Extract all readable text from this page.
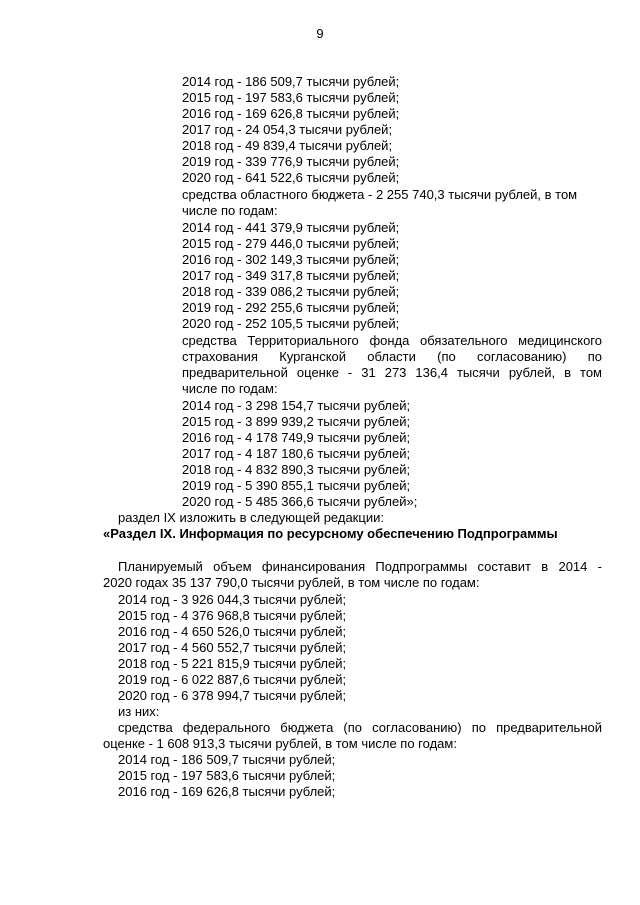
9
2014 год - 186 509,7 тысячи рублей;
2015 год - 197 583,6 тысячи рублей;
2016 год - 169 626,8 тысячи рублей;
2017 год - 24 054,3 тысячи рублей;
2018 год - 49 839,4 тысячи рублей;
2019 год - 339 776,9 тысячи рублей;
2020 год - 641 522,6 тысячи рублей;
средства областного бюджета - 2 255 740,3 тысячи рублей, в том
числе по годам:
2014 год - 441 379,9 тысячи рублей;
2015 год - 279 446,0 тысячи рублей;
2016 год - 302 149,3 тысячи рублей;
2017 год - 349 317,8 тысячи рублей;
2018 год - 339 086,2 тысячи рублей;
2019 год - 292 255,6 тысячи рублей;
2020 год - 252 105,5 тысячи рублей;
средства Территориального фонда обязательного медицинского
страхования Курганской области (по согласованию) по
предварительной оценке - 31 273 136,4 тысячи рублей, в том
числе по годам:
2014 год - 3 298 154,7 тысячи рублей;
2015 год - 3 899 939,2 тысячи рублей;
2016 год - 4 178 749,9 тысячи рублей;
2017 год - 4 187 180,6 тысячи рублей;
2018 год - 4 832 890,3 тысячи рублей;
2019 год - 5 390 855,1 тысячи рублей;
2020 год - 5 485 366,6 тысячи рублей»;
раздел IX изложить в следующей редакции:
«Раздел IX. Информация по ресурсному обеспечению Подпрограммы
Планируемый объем финансирования Подпрограммы составит в 2014 -
2020 годах 35 137 790,0 тысячи рублей, в том числе по годам:
2014 год - 3 926 044,3 тысячи рублей;
2015 год - 4 376 968,8 тысячи рублей;
2016 год - 4 650 526,0 тысячи рублей;
2017 год - 4 560 552,7 тысячи рублей;
2018 год - 5 221 815,9 тысячи рублей;
2019 год - 6 022 887,6 тысячи рублей;
2020 год - 6 378 994,7 тысячи рублей;
из них:
средства федерального бюджета (по согласованию) по предварительной
оценке - 1 608 913,3 тысячи рублей, в том числе по годам:
2014 год - 186 509,7 тысячи рублей;
2015 год - 197 583,6 тысячи рублей;
2016 год - 169 626,8 тысячи рублей;
